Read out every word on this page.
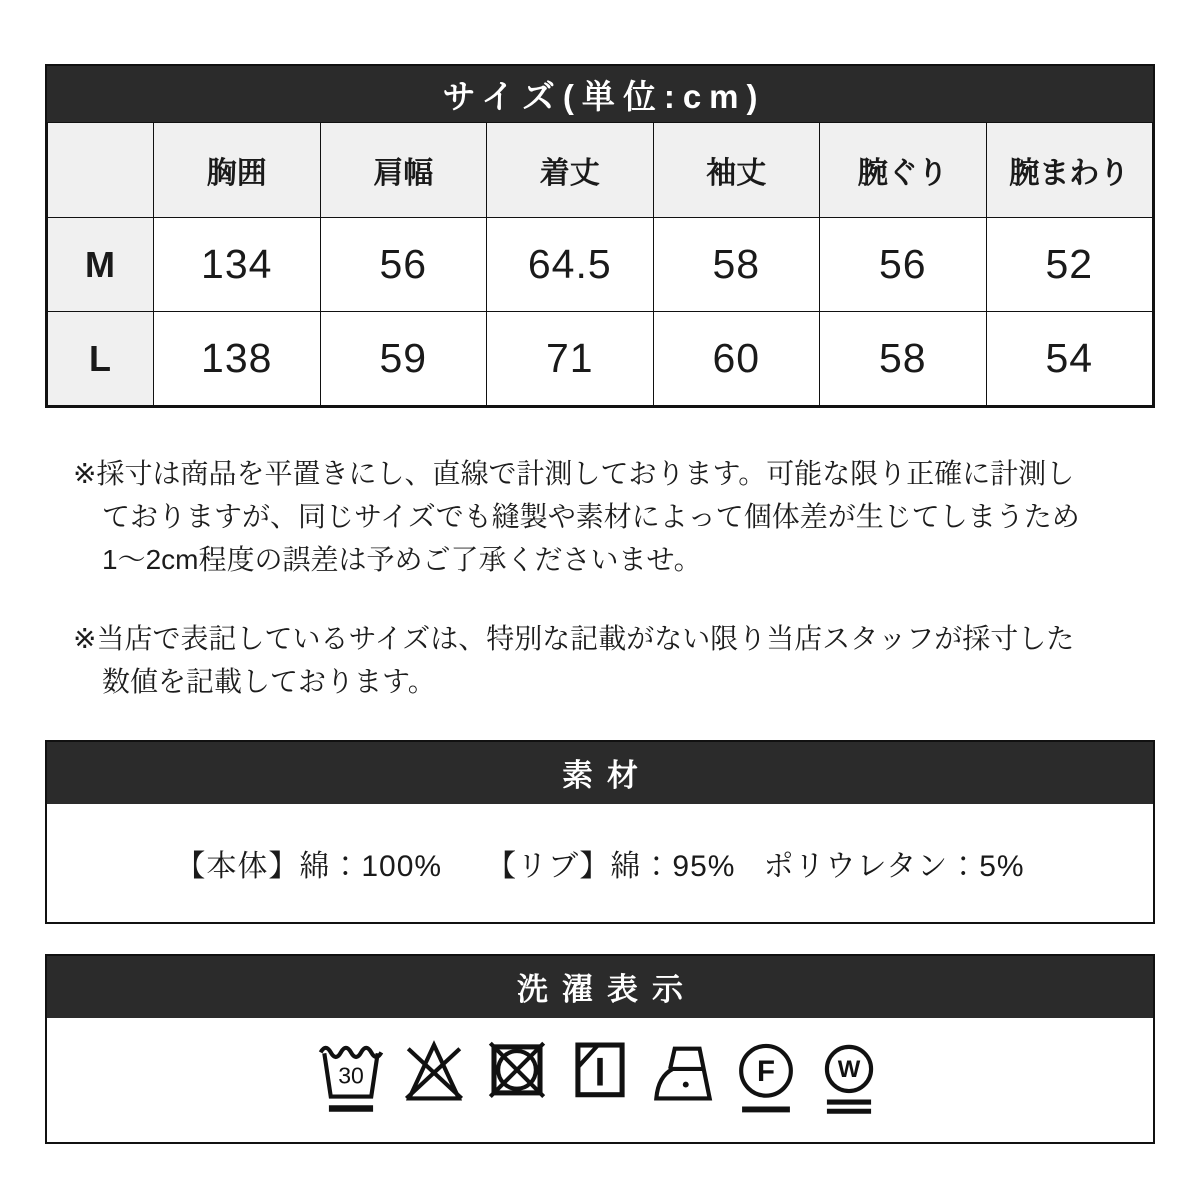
サイズ(単位:cm)
	胸囲	肩幅	着丈	袖丈	腕ぐり	腕まわり
M	134	56	64.5	58	56	52
L	138	59	71	60	58	54
※採寸は商品を平置きにし、直線で計測しております。可能な限り正確に計測し
ておりますが、同じサイズでも縫製や素材によって個体差が生じてしまうため
1〜2cm程度の誤差は予めご了承くださいませ。
※当店で表記しているサイズは、特別な記載がない限り当店スタッフが採寸した
数値を記載しております。
素材
【本体】綿：100% 【リブ】綿：95% ポリウレタン：5%
洗濯表示
30	F W
